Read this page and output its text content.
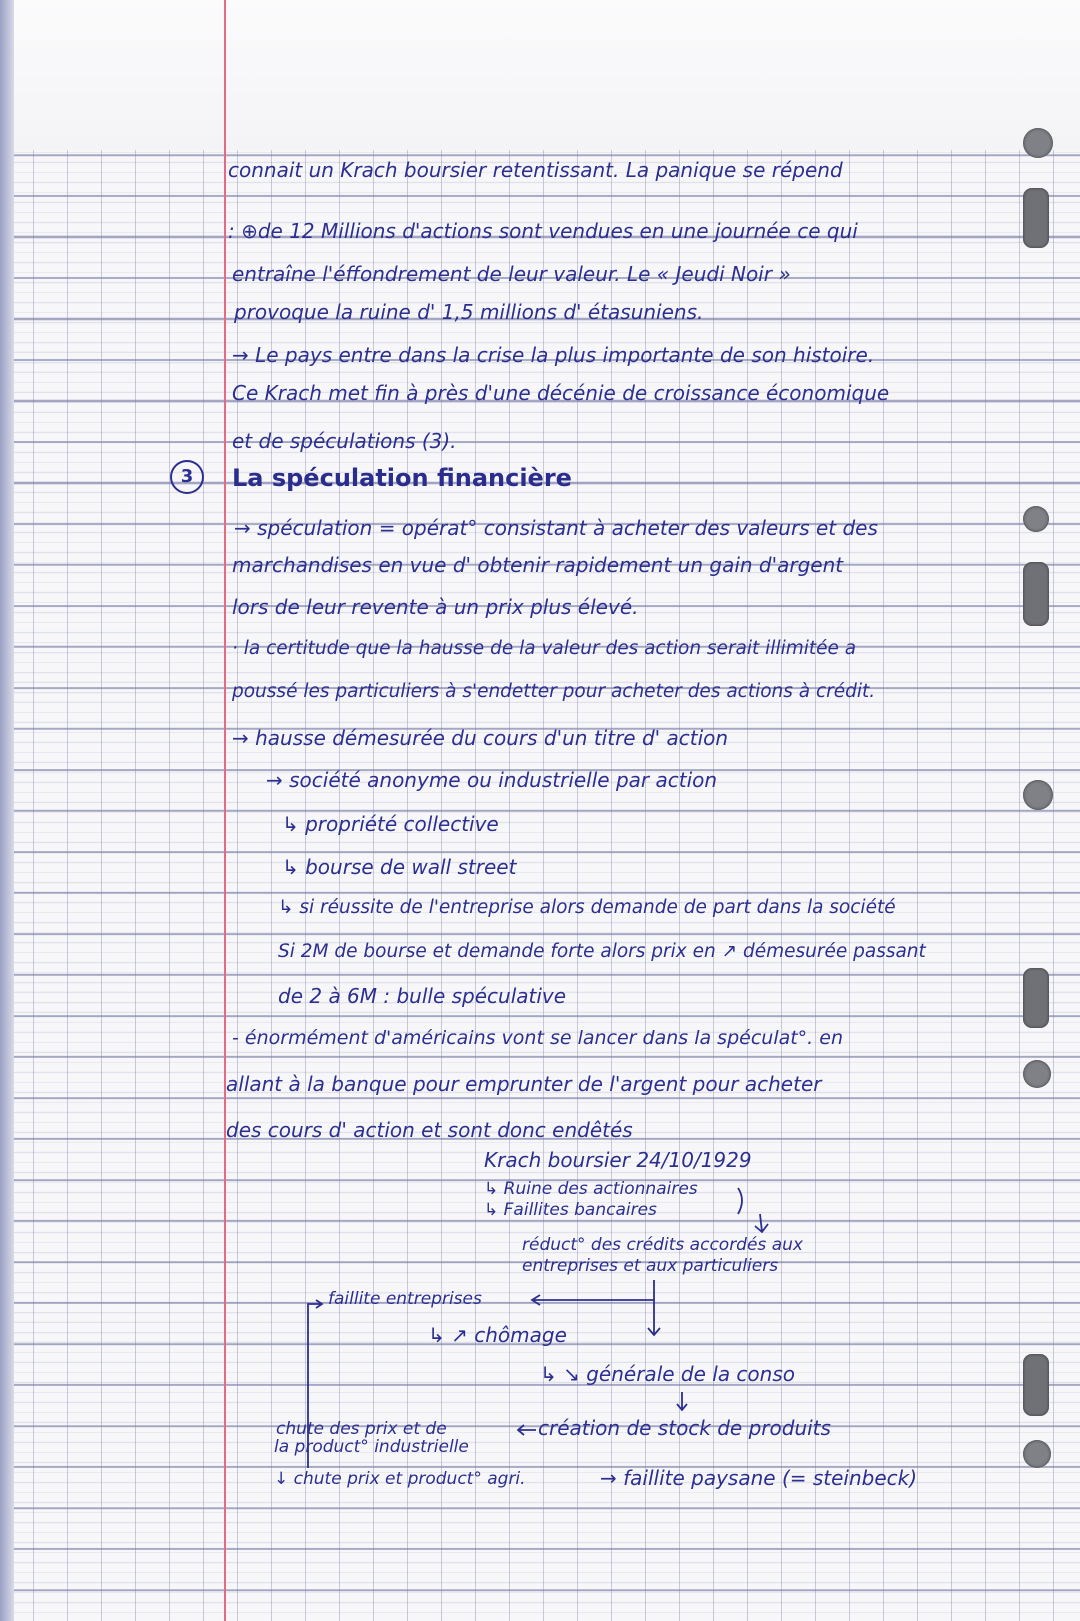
connait un Krach boursier retentissant. La panique se répend

: ⊕de 12 Millions d'actions sont vendues en une journée ce qui

entraîne l'éffondrement de leur valeur. Le « Jeudi Noir »

provoque la ruine d' 1,5 millions d' étasuniens.

→ Le pays entre dans la crise la plus importante de son histoire.

Ce Krach met fin à près d'une décénie de croissance économique

et de spéculations (3).

3	La spéculation financière

→ spéculation = opérat° consistant à acheter des valeurs et des

marchandises en vue d' obtenir rapidement un gain d'argent

lors de leur revente à un prix plus élevé.

· la certitude que la hausse de la valeur des action serait illimitée a

poussé les particuliers à s'endetter pour acheter des actions à crédit.

→ hausse démesurée du cours d'un titre d' action

→ société anonyme ou industrielle par action

↳ propriété collective

↳ bourse de wall street

↳ si réussite de l'entreprise alors demande de part dans la société

Si 2M de bourse et demande forte alors prix en ↗ démesurée passant

de 2 à 6M : bulle spéculative

- énormément d'américains vont se lancer dans la spéculat°. en

allant à la banque pour emprunter de l'argent pour acheter

des cours d' action et sont donc endêtés

Krach boursier 24/10/1929

↳ Ruine des actionnaires

↳ Faillites bancaires

réduct° des crédits accordés aux

entreprises et aux particuliers

faillite entreprises

↳ ↗ chômage

↳ ↘ générale de la conso

création de stock de produits

chute des prix et de

la product° industrielle

↓ chute prix et product° agri.	→ faillite paysane (= steinbeck)
